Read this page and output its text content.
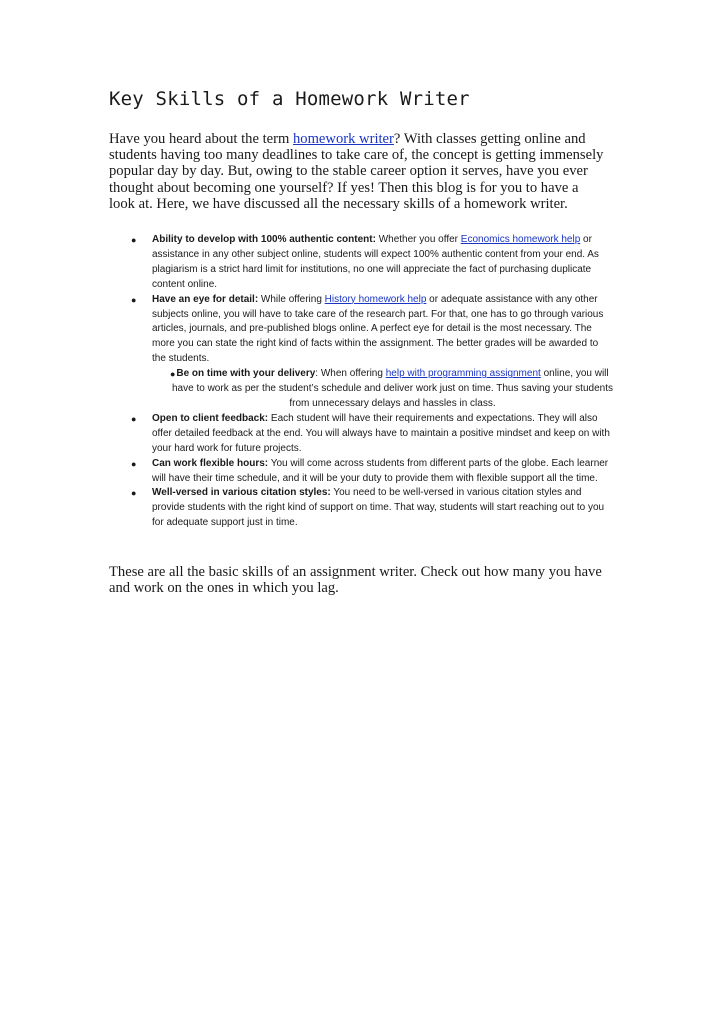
Key Skills of a Homework Writer

Have you heard about the term homework writer? With classes getting online and students having too many deadlines to take care of, the concept is getting immensely popular day by day. But, owing to the stable career option it serves, have you ever thought about becoming one yourself? If yes! Then this blog is for you to have a look at. Here, we have discussed all the necessary skills of a homework writer.

● Ability to develop with 100% authentic content: Whether you offer Economics homework help or assistance in any other subject online, students will expect 100% authentic content from your end. As plagiarism is a strict hard limit for institutions, no one will appreciate the fact of purchasing duplicate content online.
● Have an eye for detail: While offering History homework help or adequate assistance with any other subjects online, you will have to take care of the research part. For that, one has to go through various articles, journals, and pre-published blogs online. A perfect eye for detail is the most necessary. The more you can state the right kind of facts within the assignment. The better grades will be awarded to the students.
● Be on time with your delivery: When offering help with programming assignment online, you will have to work as per the student’s schedule and deliver work just on time. Thus saving your students from unnecessary delays and hassles in class.
● Open to client feedback: Each student will have their requirements and expectations. They will also offer detailed feedback at the end. You will always have to maintain a positive mindset and keep on with your hard work for future projects.
● Can work flexible hours: You will come across students from different parts of the globe. Each learner will have their time schedule, and it will be your duty to provide them with flexible support all the time.
● Well-versed in various citation styles: You need to be well-versed in various citation styles and provide students with the right kind of support on time. That way, students will start reaching out to you for adequate support just in time.

These are all the basic skills of an assignment writer. Check out how many you have and work on the ones in which you lag.
